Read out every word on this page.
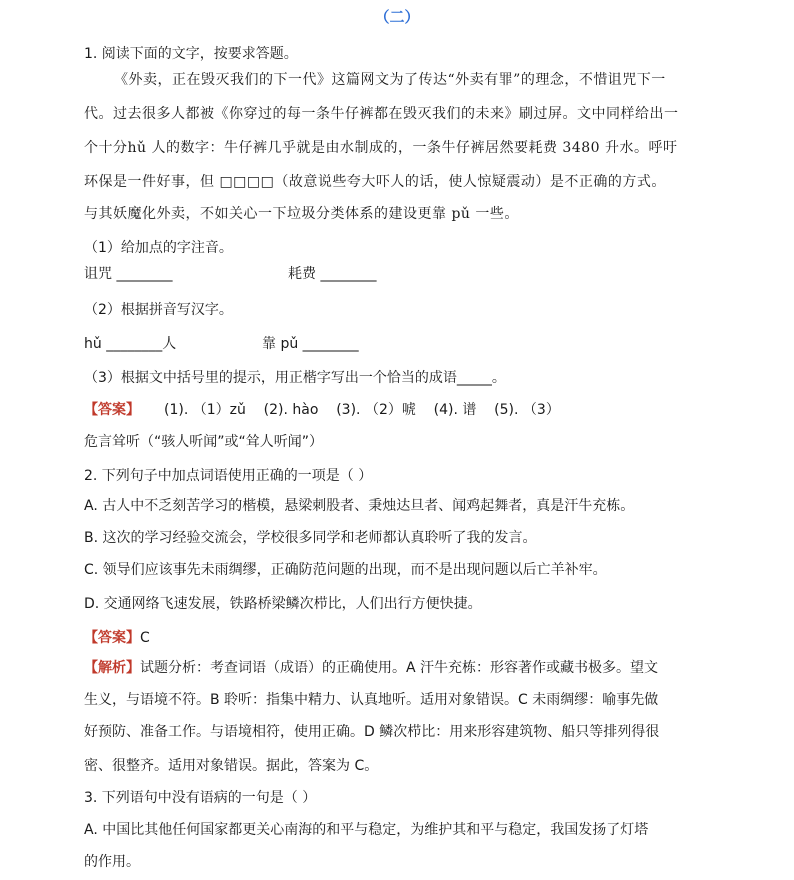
（二）
1. 阅读下面的文字，按要求答题。
《外卖，正在毁灭我们的下一代》这篇网文为了传达“外卖有罪”的理念，不惜诅咒下一
代。过去很多人都被《你穿过的每一条牛仔裤都在毁灭我们的未来》刷过屏。文中同样给出一
个十分hǔ 人的数字：牛仔裤几乎就是由水制成的，一条牛仔裤居然要耗费 3480 升水。呼吁
环保是一件好事，但 □□□□（故意说些夸大吓人的话，使人惊疑震动）是不正确的方式。
与其妖魔化外卖，不如关心一下垃圾分类体系的建设更靠 pǔ 一些。
（1）给加点的字注音。
诅咒 ________	耗费 ________
（2）根据拼音写汉字。
hǔ ________人	靠 pǔ ________
（3）根据文中括号里的提示，用正楷字写出一个恰当的成语_____。
【答案】 (1). （1）zǔ    (2). hào    (3). （2）唬    (4). 谱    (5). （3）
危言耸听（“骇人听闻”或“耸人听闻”）
2. 下列句子中加点词语使用正确的一项是（ ）
A. 古人中不乏刻苦学习的楷模，悬梁刺股者、秉烛达旦者、闻鸡起舞者，真是汗牛充栋。
B. 这次的学习经验交流会，学校很多同学和老师都认真聆听了我的发言。
C. 领导们应该事先未雨绸缪，正确防范问题的出现，而不是出现问题以后亡羊补牢。
D. 交通网络飞速发展，铁路桥梁鳞次栉比，人们出行方便快捷。
【答案】C
【解析】试题分析：考查词语（成语）的正确使用。A 汗牛充栋：形容著作或藏书极多。望文
生义，与语境不符。B 聆听：指集中精力、认真地听。适用对象错误。C 未雨绸缪：喻事先做
好预防、准备工作。与语境相符，使用正确。D 鳞次栉比：用来形容建筑物、船只等排列得很
密、很整齐。适用对象错误。据此，答案为 C。
3. 下列语句中没有语病的一句是（ ）
A. 中国比其他任何国家都更关心南海的和平与稳定，为维护其和平与稳定，我国发扬了灯塔
的作用。
